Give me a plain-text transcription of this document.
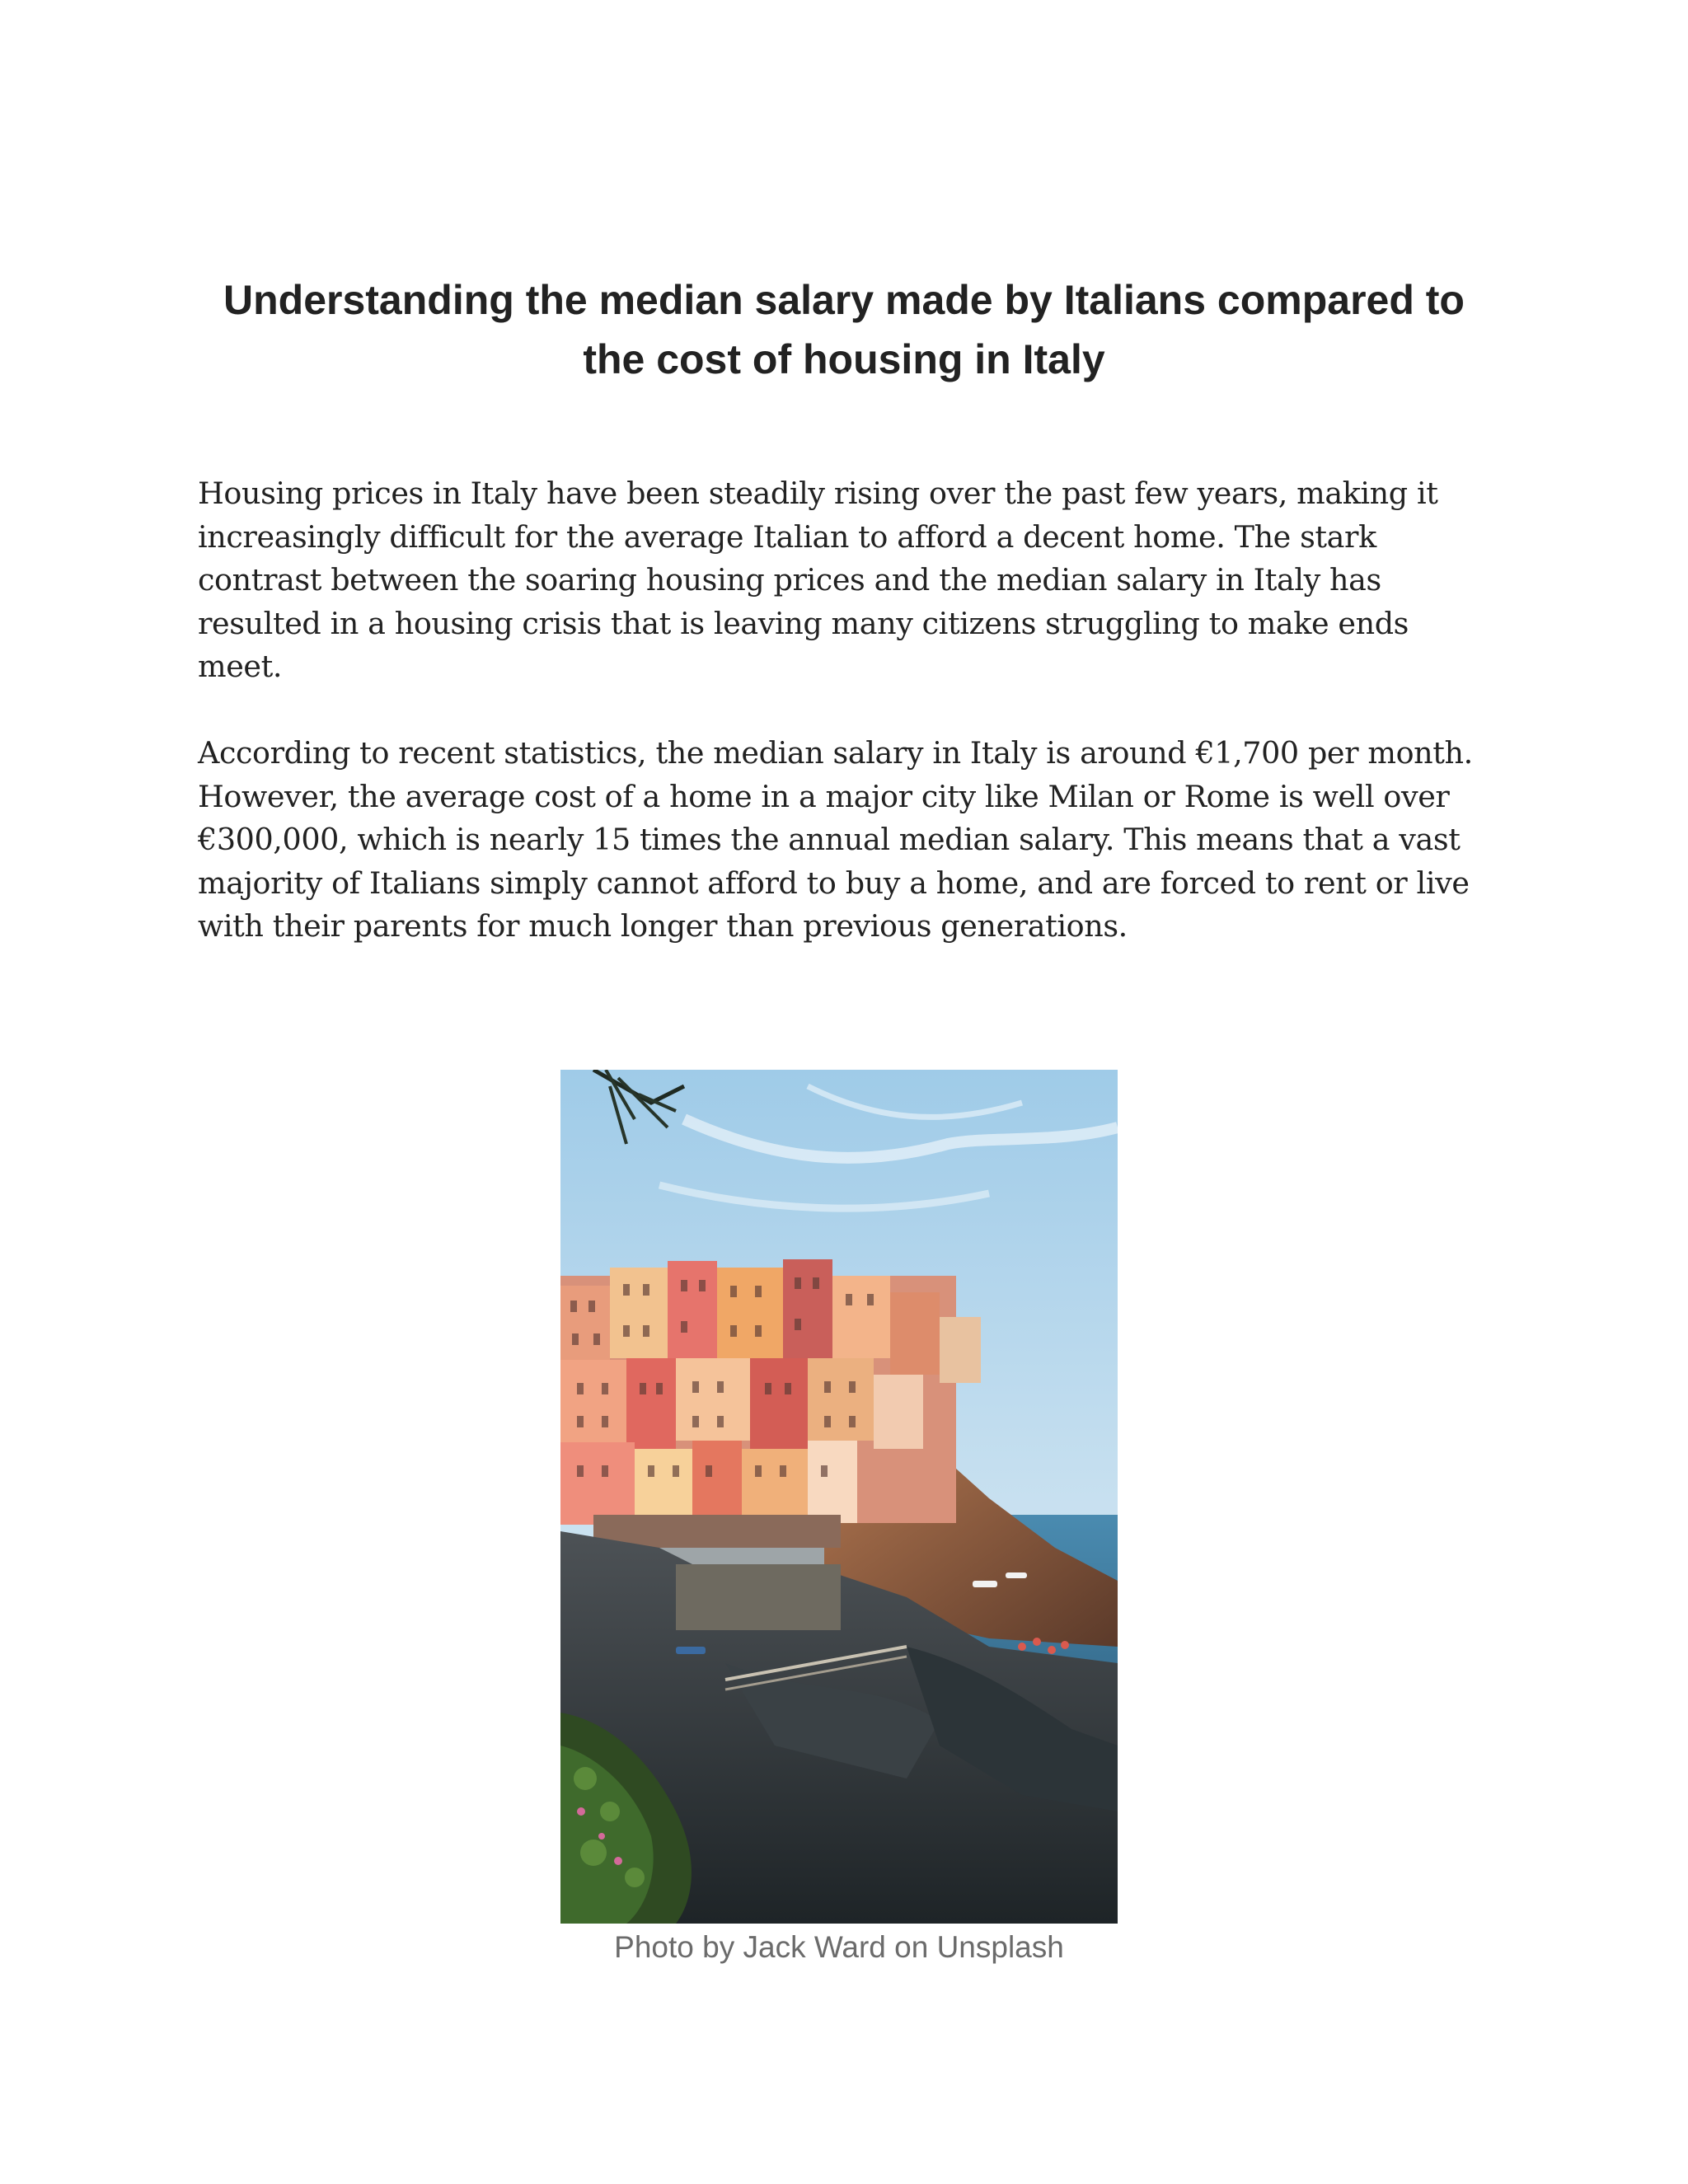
Understanding the median salary made by Italians compared to the cost of housing in Italy

Housing prices in Italy have been steadily rising over the past few years, making it increasingly difficult for the average Italian to afford a decent home. The stark contrast between the soaring housing prices and the median salary in Italy has resulted in a housing crisis that is leaving many citizens struggling to make ends meet.

According to recent statistics, the median salary in Italy is around €1,700 per month. However, the average cost of a home in a major city like Milan or Rome is well over €300,000, which is nearly 15 times the annual median salary. This means that a vast majority of Italians simply cannot afford to buy a home, and are forced to rent or live with their parents for much longer than previous generations.

Photo by Jack Ward on Unsplash
